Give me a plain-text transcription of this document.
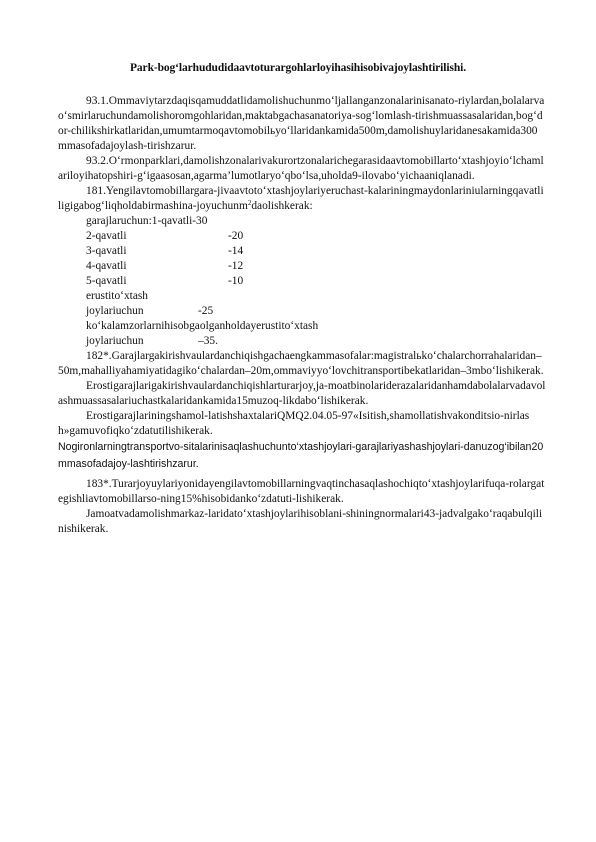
Park-bog‘larhududidaavtoturargohlarloyihasihisobivajoylashtirilishi.

93.1.Ommaviytarzdaqisqamuddatlidamolishuchunmo‘ljallanganzonalarinisanato-riylardan,bolalarvao‘smirlaruchundamolishoromgohlaridan,maktabgachasanatoriya-sog‘lomlash-tirishmuassasalaridan,bog‘dor-chilikshirkatlaridan,umumtarmoqavtomobilьyo‘llaridankamida500m,damolishuylaridanesakamida300mmasofadajoylash-tirishzarur.

93.2.O‘rmonparklari,damolishzonalarivakurortzonalarichegarasidaavtomobillarto‘xtashjoyio‘lchamlariloyihatopshiri-g‘igaasosan,agarma’lumotlaryo‘qbo‘lsa,uholda9-ilovabo‘yichaaniqlanadi.

181.Yengilavtomobillargara-jivaavtoto‘xtashjoylariyeruchast-kalariningmaydonlariniularningqavatliligigabog‘liqholdabirmashina-joyuchunm$^2$daolishkerak:

garajlaruchun:1-qavatli-30
2-qavatli	-20
3-qavatli	-14
4-qavatli	-12
5-qavatli	-10
erustito‘xtash
joylariuchun	-25
ko‘kalamzorlarnihisobgaolganholdayerustito‘xtash
joylariuchun	–35.

182*.Garajlargakirishvaulardanchiqishgachaengkammasofalar:magistralьko‘chalarchorrahalaridan–50m,mahalliyahamiyatidagiko‘chalardan–20m,ommaviyyo‘lovchitransportibekatlaridan–3mbo‘lishikerak.

Erostigarajlarigakirishvaulardanchiqishlarturarjoy,ja-moatbinolariderazalaridanhamdabolalarvadavolashmuassasalariuchastkalaridankamida15muzoq-likdabo‘lishikerak.

Erostigarajlariningshamol-latishshaxtalariQMQ2.04.05-97«Isitish,shamollatishvakonditsio-nirlash»gamuvofiqko‘zdatutilishikerak.

Nogironlarningtransportvo-sitalarinisaqlashuchunto‘xtashjoylari-garajlariyashashjoylari-danuzog‘ibilan20mmasofadajoy-lashtirishzarur.

183*.Turarjoyuylariyonidayengilavtomobillarningvaqtinchasaqlashochiqto‘xtashjoylarifuqa-rolargategishliavtomobillarso-ning15%hisobidanko‘zdatuti-lishikerak.

Jamoatvadamolishmarkaz-laridato‘xtashjoylarihisoblani-shiningnormalari43-jadvalgako‘raqabulqilinishikerak.
